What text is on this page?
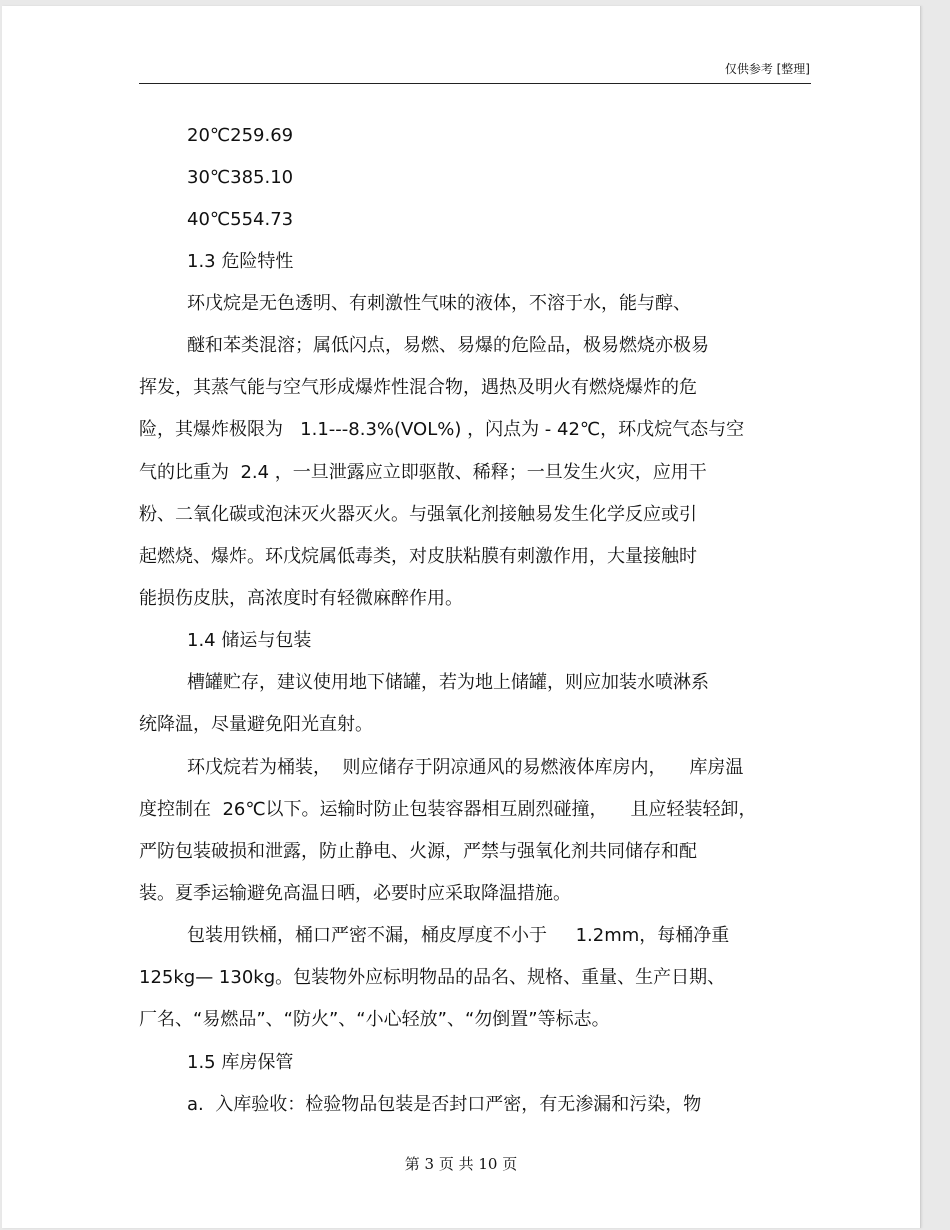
仅供参考 [整理]
20℃259.69
30℃385.10
40℃554.73
1.3 危险特性
环戊烷是无色透明、有刺激性气味的液体，不溶于水，能与醇、
醚和苯类混溶；属低闪点，易燃、易爆的危险品，极易燃烧亦极易
挥发，其蒸气能与空气形成爆炸性混合物，遇热及明火有燃烧爆炸的危
险，其爆炸极限为   1.1---8.3%(VOL%) ，闪点为 - 42℃，环戊烷气态与空
气的比重为  2.4 ，一旦泄露应立即驱散、稀释；一旦发生火灾，应用干
粉、二氧化碳或泡沫灭火器灭火。与强氧化剂接触易发生化学反应或引
起燃烧、爆炸。环戊烷属低毒类，对皮肤粘膜有刺激作用，大量接触时
能损伤皮肤，高浓度时有轻微麻醉作用。
1.4 储运与包装
槽罐贮存，建议使用地下储罐，若为地上储罐，则应加装水喷淋系
统降温，尽量避免阳光直射。
环戊烷若为桶装，  则应储存于阴凉通风的易燃液体库房内，    库房温
度控制在  26℃以下。运输时防止包装容器相互剧烈碰撞，    且应轻装轻卸，
严防包装破损和泄露，防止静电、火源，严禁与强氧化剂共同储存和配
装。夏季运输避免高温日晒，必要时应采取降温措施。
包装用铁桶，桶口严密不漏，桶皮厚度不小于     1.2mm，每桶净重
125kg— 130kg。包装物外应标明物品的品名、规格、重量、生产日期、
厂名、“易燃品”、“防火”、“小心轻放”、“勿倒置”等标志。
1.5 库房保管
a.  入库验收：检验物品包装是否封口严密，有无渗漏和污染，物
第 3 页 共 10 页
